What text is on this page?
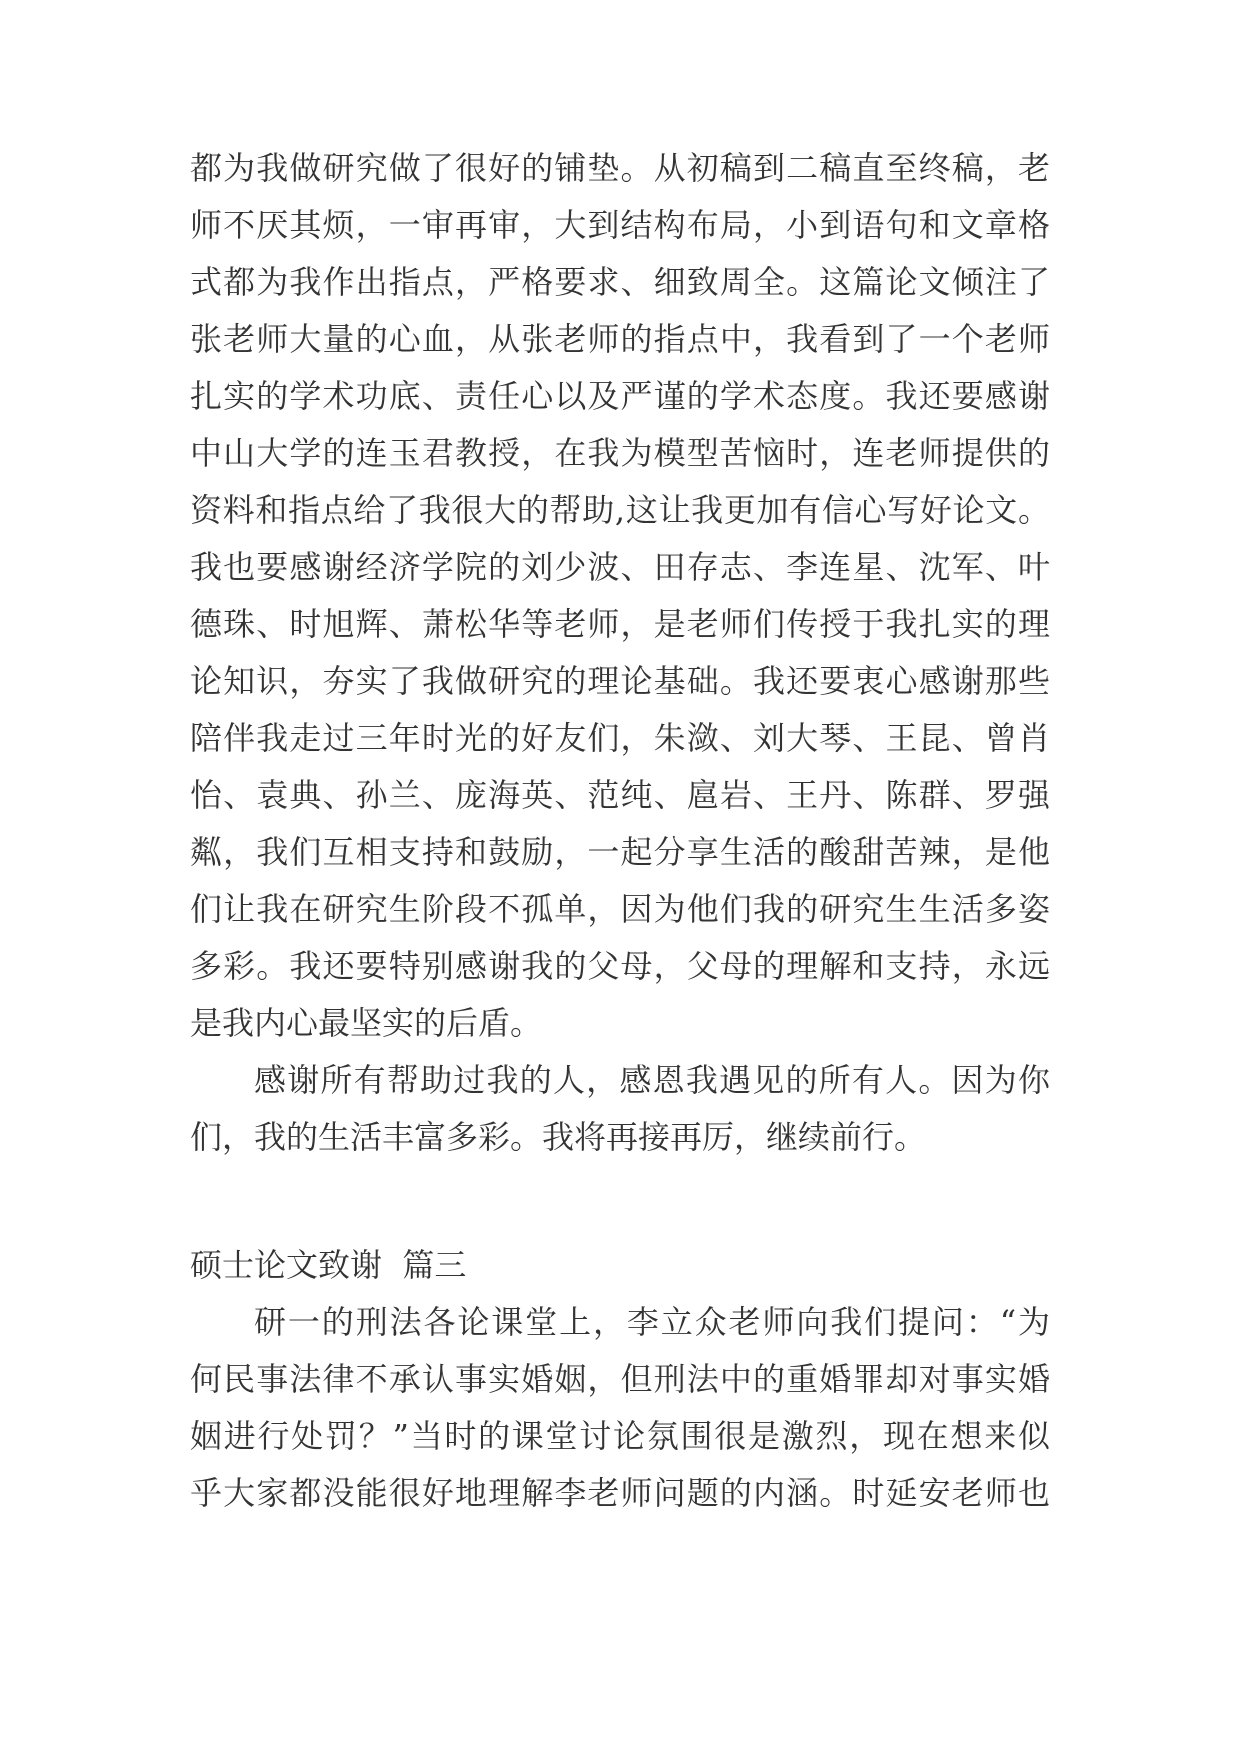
都为我做研究做了很好的铺垫。从初稿到二稿直至终稿，老
师不厌其烦，一审再审，大到结构布局，小到语句和文章格
式都为我作出指点，严格要求、细致周全。这篇论文倾注了
张老师大量的心血，从张老师的指点中，我看到了一个老师
扎实的学术功底、责任心以及严谨的学术态度。我还要感谢
中山大学的连玉君教授，在我为模型苦恼时，连老师提供的
资料和指点给了我很大的帮助,这让我更加有信心写好论文。
我也要感谢经济学院的刘少波、田存志、李连星、沈军、叶
德珠、时旭辉、萧松华等老师，是老师们传授于我扎实的理
论知识，夯实了我做研究的理论基础。我还要衷心感谢那些
陪伴我走过三年时光的好友们，朱潋、刘大琴、王昆、曾肖
怡、袁典、孙兰、庞海英、范纯、扈岩、王丹、陈群、罗强
粼，我们互相支持和鼓励，一起分享生活的酸甜苦辣，是他
们让我在研究生阶段不孤单，因为他们我的研究生生活多姿
多彩。我还要特别感谢我的父母，父母的理解和支持，永远
是我内心最坚实的后盾。
感谢所有帮助过我的人，感恩我遇见的所有人。因为你
们，我的生活丰富多彩。我将再接再厉，继续前行。
硕士论文致谢  篇三
研一的刑法各论课堂上，李立众老师向我们提问：“为
何民事法律不承认事实婚姻，但刑法中的重婚罪却对事实婚
姻进行处罚？”当时的课堂讨论氛围很是激烈，现在想来似
乎大家都没能很好地理解李老师问题的内涵。时延安老师也
